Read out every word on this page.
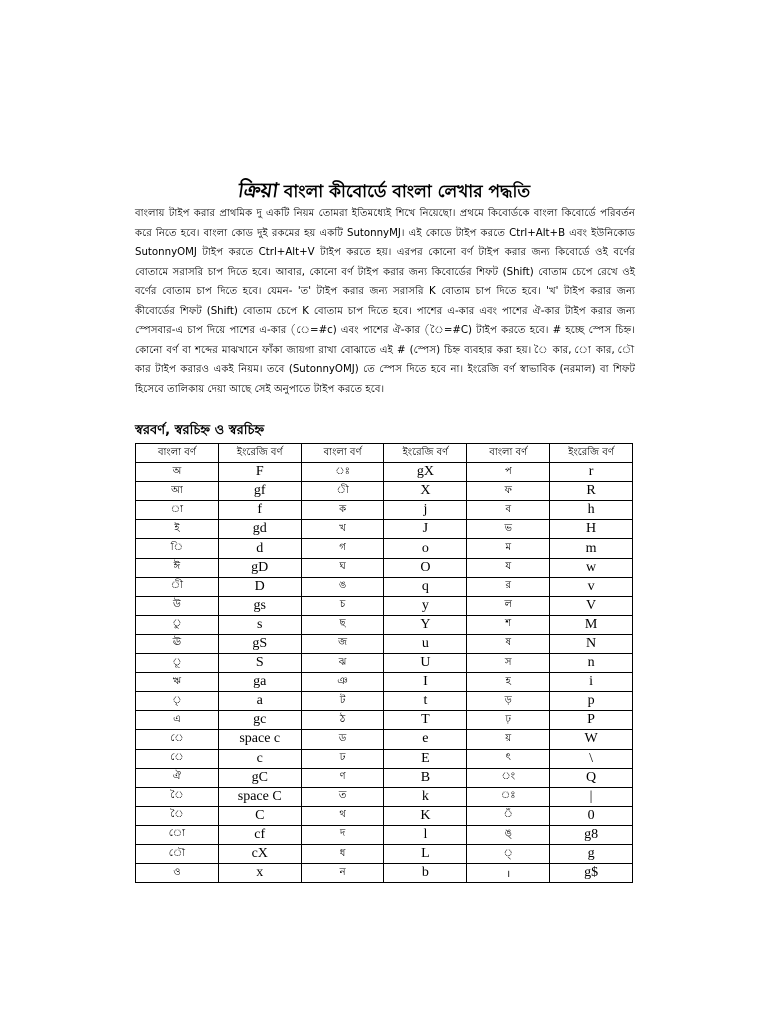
ক্রিয়া বাংলা কীবোর্ডে বাংলা লেখার পদ্ধতি

বাংলায় টাইপ করার প্রাথমিক দু একটি নিয়ম তোমরা ইতিমধ্যেই শিখে নিয়েছো। প্রথমে কিবোর্ডকে বাংলা কিবোর্ডে পরিবর্তন করে নিতে হবে। বাংলা কোড দুই রকমের হয় একটি SutonnyMJ। এই কোডে টাইপ করতে Ctrl+Alt+B এবং ইউনিকোড SutonnyOMJ টাইপ করতে Ctrl+Alt+V টাইপ করতে হয়। এরপর কোনো বর্ণ টাইপ করার জন্য কিবোর্ডে ওই বর্ণের বোতামে সরাসরি চাপ দিতে হবে। আবার, কোনো বর্ণ টাইপ করার জন্য কিবোর্ডের শিফট (Shift) বোতাম চেপে রেখে ওই বর্ণের বোতাম চাপ দিতে হবে। যেমন- 'ত' টাইপ করার জন্য সরাসরি K বোতাম চাপ দিতে হবে। 'খ' টাইপ করার জন্য কীবোর্ডের শিফট (Shift) বোতাম চেপে K বোতাম চাপ দিতে হবে। পাশের এ-কার এবং পাশের ঐ-কার টাইপ করার জন্য স্পেসবার-এ চাপ দিয়ে পাশের এ-কার (ে=#c) এবং পাশের ঐ-কার (ৈ=#C) টাইপ করতে হবে। # হচ্ছে স্পেস চিহ্ন। কোনো বর্ণ বা শব্দের মাঝখানে ফাঁকা জায়গা রাখা বোঝাতে এই # (স্পেস) চিহ্ন ব্যবহার করা হয়। ৈ কার, ো কার, ৌ কার টাইপ করারও একই নিয়ম। তবে (SutonnyOMJ) তে স্পেস দিতে হবে না। ইংরেজি বর্ণ স্বাভাবিক (নরমাল) বা শিফট হিসেবে তালিকায় দেয়া আছে সেই অনুপাতে টাইপ করতে হবে।

স্বরবর্ণ, স্বরচিহ্ন ও স্বরচিহ্ন
বাংলা বর্ণ	ইংরেজি বর্ণ	বাংলা বর্ণ	ইংরেজি বর্ণ	বাংলা বর্ণ	ইংরেজি বর্ণ
অ	F	ঃ	gX	প	r
আ	gf	ী	X	ফ	R
া	f	ক	j	ব	h
ই	gd	খ	J	ভ	H
ি	d	গ	o	ম	m
ঈ	gD	ঘ	O	য	w
ী	D	ঙ	q	র	v
উ	gs	চ	y	ল	V
ু	s	ছ	Y	শ	M
ঊ	gS	জ	u	ষ	N
ূ	S	ঝ	U	স	n
ঋ	ga	ঞ	I	হ	i
ৃ	a	ট	t	ড়	p
এ	gc	ঠ	T	ঢ়	P
ে	space c	ড	e	য়	W
ে	c	ঢ	E	ৎ	\
ঐ	gC	ণ	B	ং	Q
ৈ	space C	ত	k	ঃ	|
ৈ	C	থ	K	ঁ	0
ো	cf	দ	l	ঙ্	g8
ৌ	cX	ধ	L	্	g
ও	x	ন	b	।	g$
